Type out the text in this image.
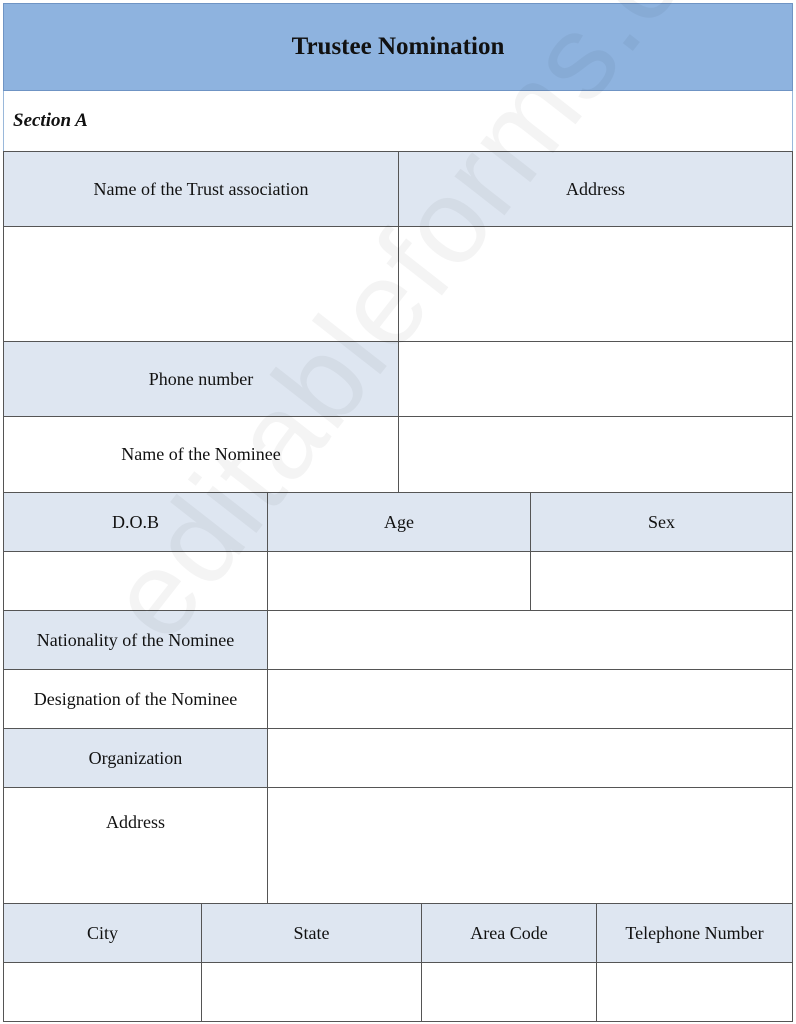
Trustee Nomination
Section A
Name of the Trust association	Address
Phone number
Name of the Nominee
D.O.B	Age	Sex
Nationality of the Nominee
Designation of the Nominee
Organization
Address
City	State	Area Code	Telephone Number
